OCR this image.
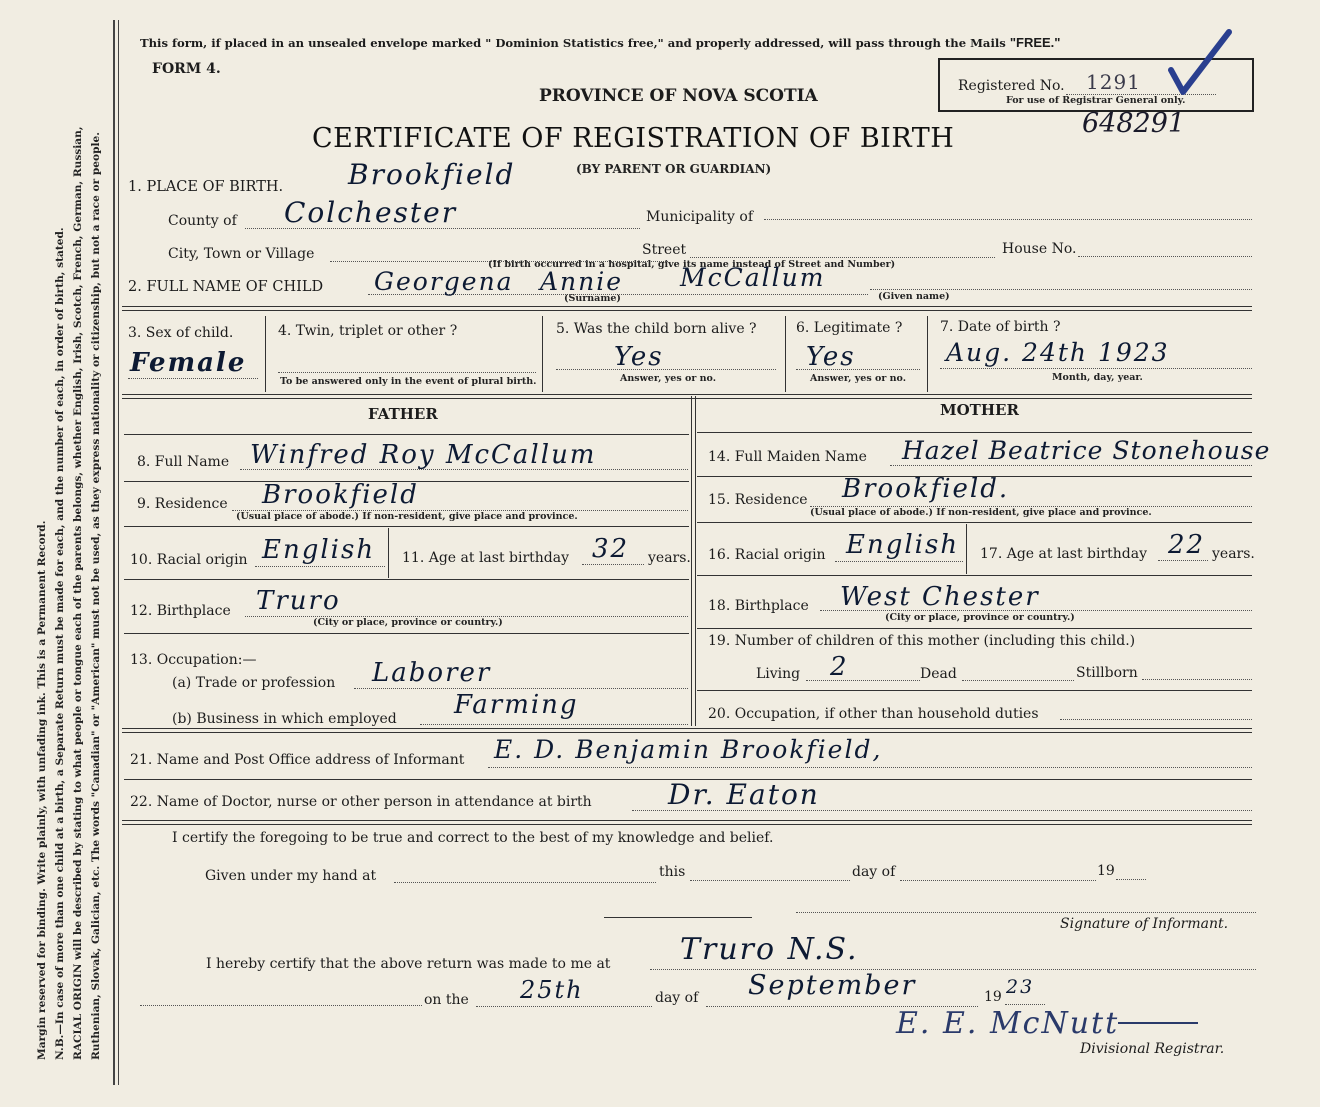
Margin reserved for binding. Write plainly, with unfading ink. This is a Permanent Record. N.B.—In case of more than one child at a birth, a Separate Return must be made for each, and the number of each, in order of birth, stated. RACIAL ORIGIN will be described by stating to what people or tongue each of the parents belongs, whether English, Irish, Scotch, French, German, Russian, Ruthenian, Slovak, Galician, etc. The words "Canadian" or "American" must not be used, as they express nationality or citizenship, but not a race or people.
This form, if placed in an unsealed envelope marked " Dominion Statistics free," and properly addressed, will pass through the Mails "FREE."
FORM 4.
PROVINCE OF NOVA SCOTIA
CERTIFICATE OF REGISTRATION OF BIRTH
(BY PARENT OR GUARDIAN)
Registered No. 1291
For use of Registrar General only.
648291
1. PLACE OF BIRTH. Brookfield
County of Colchester	Municipality of
City, Town or Village	Street	House No.
(If birth occurred in a hospital, give its name instead of Street and Number)
2. FULL NAME OF CHILD Georgena Annie McCallum
(Surname)	(Given name)
3. Sex of child.
Female
4. Twin, triplet or other ?
To be answered only in the event of plural birth.
5. Was the child born alive ?
Yes
Answer, yes or no.
6. Legitimate ?
Yes
Answer, yes or no.
7. Date of birth ?
Aug. 24th 1923
Month, day, year.
FATHER	MOTHER
8. Full Name Winfred Roy McCallum
9. Residence Brookfield
(Usual place of abode.) If non-resident, give place and province.
10. Racial origin English 11. Age at last birthday 32 years.
12. Birthplace Truro
(City or place, province or country.)
13. Occupation:—
(a) Trade or profession Laborer
(b) Business in which employed Farming
14. Full Maiden Name Hazel Beatrice Stonehouse
15. Residence Brookfield.
(Usual place of abode.) If non-resident, give place and province.
16. Racial origin English 17. Age at last birthday 22 years.
18. Birthplace West Chester
(City or place, province or country.)
19. Number of children of this mother (including this child.)
Living 2	Dead	Stillborn
20. Occupation, if other than household duties
21. Name and Post Office address of Informant E. D. Benjamin Brookfield,
22. Name of Doctor, nurse or other person in attendance at birth	Dr. Eaton
I certify the foregoing to be true and correct to the best of my knowledge and belief.
Given under my hand at	this	day of	19
Signature of Informant.
I hereby certify that the above return was made to me at Truro N.S.
on the 25th	day of September	19 23
E. E. McNutt
Divisional Registrar.
